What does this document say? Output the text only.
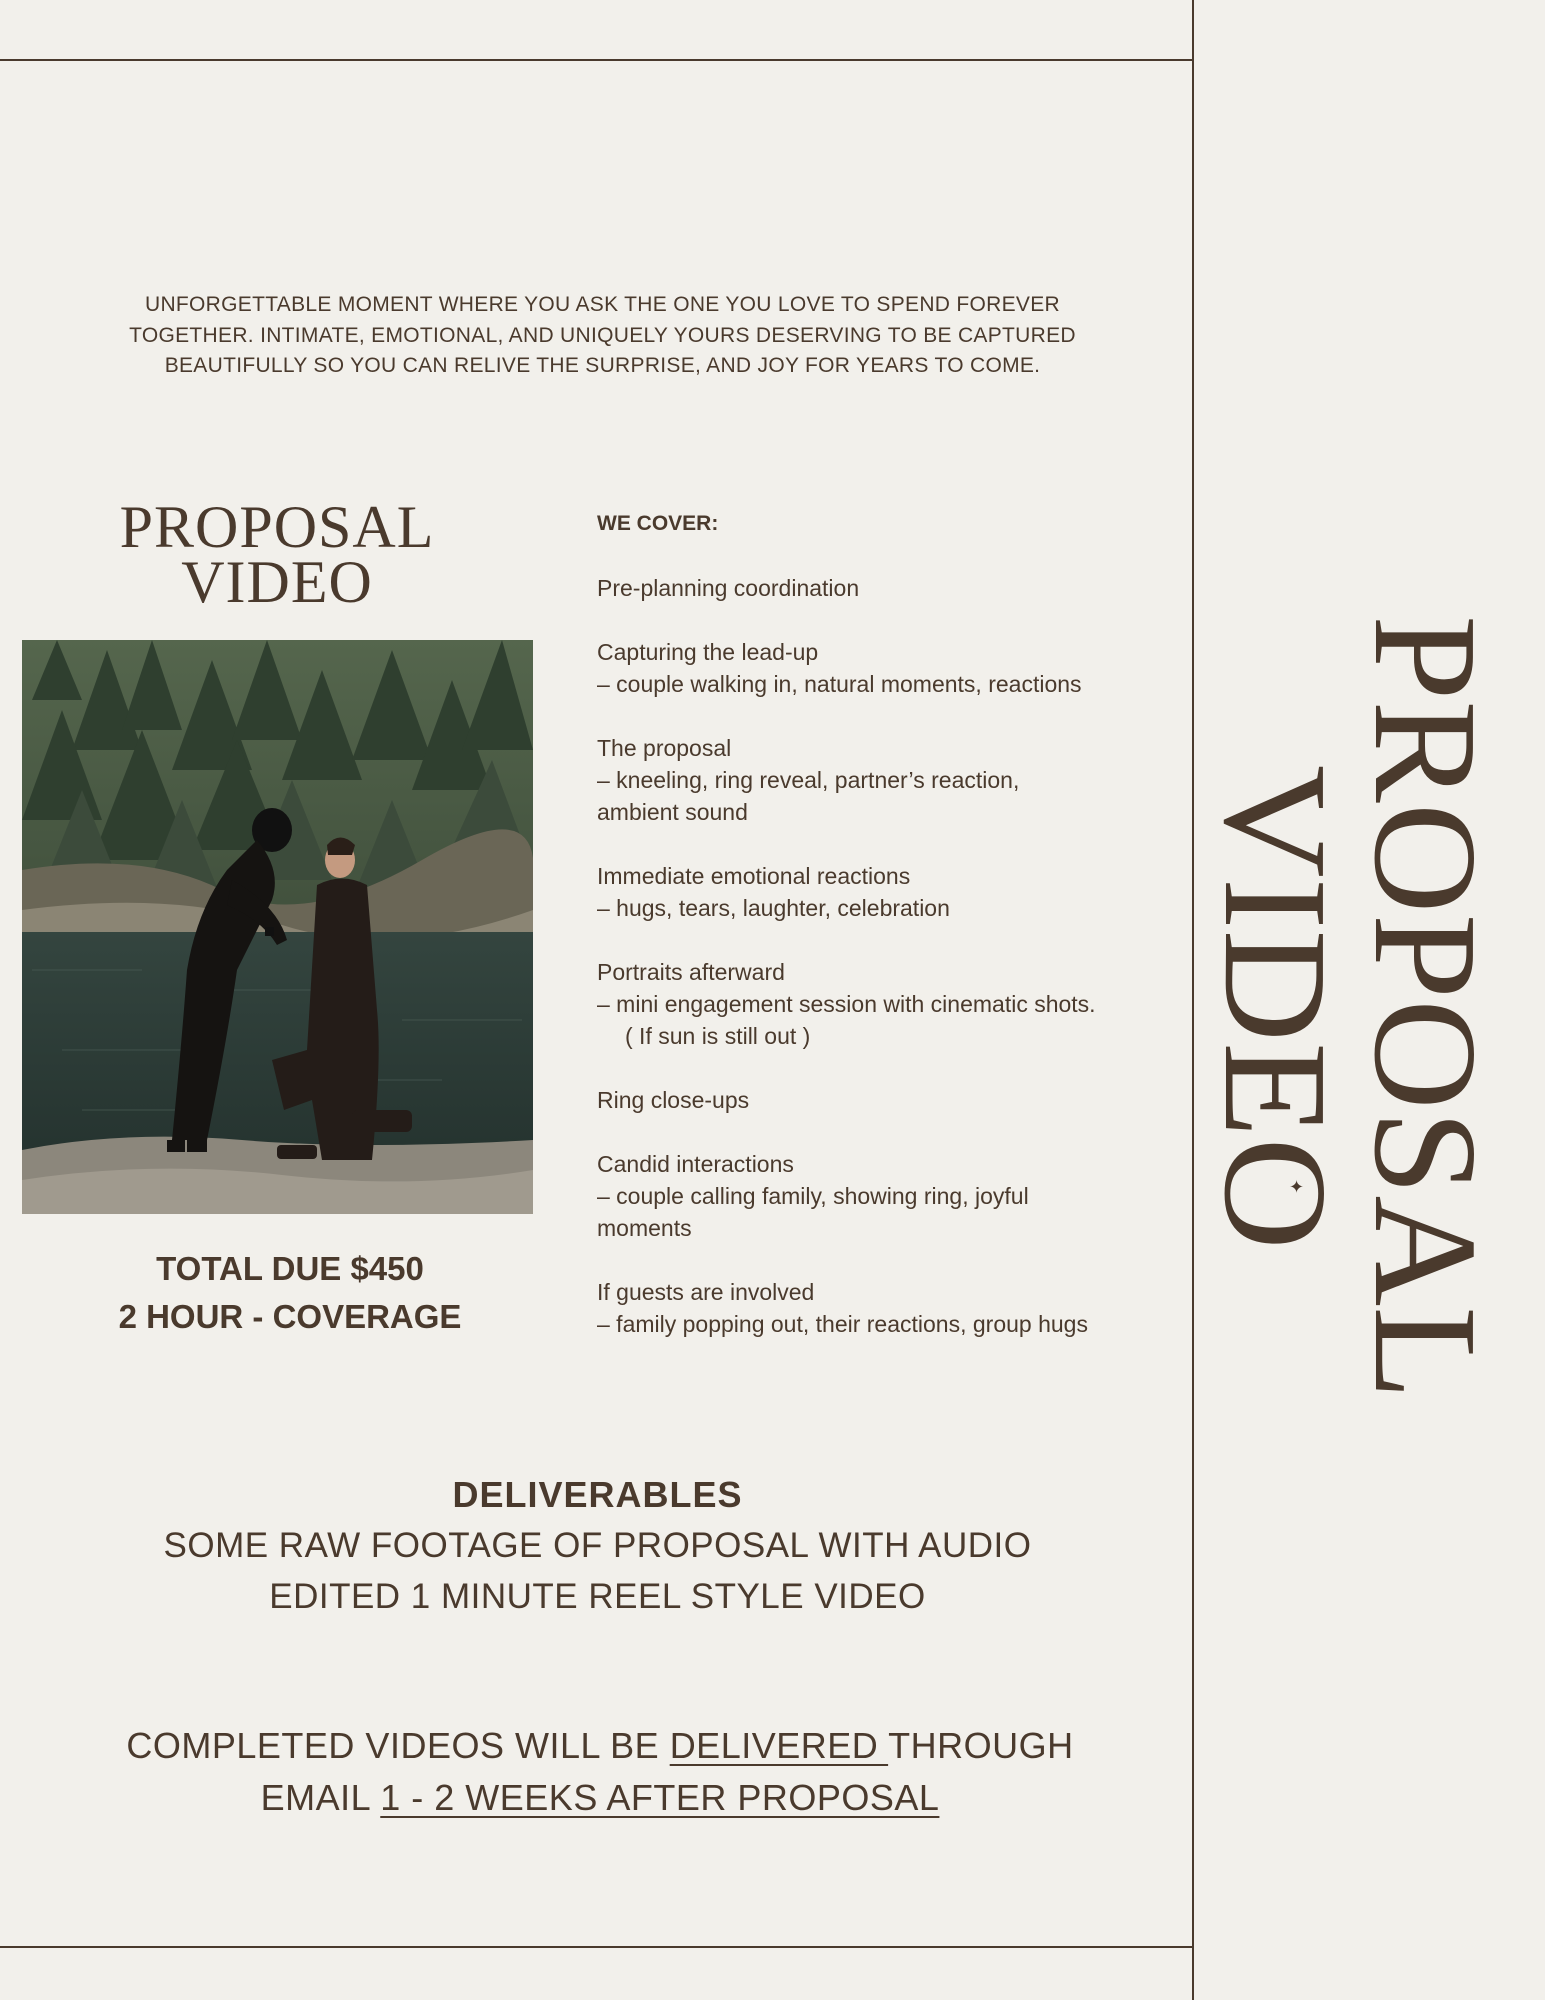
UNFORGETTABLE MOMENT WHERE YOU ASK THE ONE YOU LOVE TO SPEND FOREVER TOGETHER. INTIMATE, EMOTIONAL, AND UNIQUELY YOURS DESERVING TO BE CAPTURED BEAUTIFULLY SO YOU CAN RELIVE THE SURPRISE, AND JOY FOR YEARS TO COME.

PROPOSAL
VIDEO
TOTAL DUE $450
2 HOUR - COVERAGE
WE COVER:
Pre-planning coordination
Capturing the lead-up
– couple walking in, natural moments, reactions
The proposal
– kneeling, ring reveal, partner’s reaction, ambient sound
Immediate emotional reactions
– hugs, tears, laughter, celebration
Portraits afterward
– mini engagement session with cinematic shots.( If sun is still out )
Ring close-ups
Candid interactions
– couple calling family, showing ring, joyful moments
If guests are involved
– family popping out, their reactions, group hugs
DELIVERABLES
SOME RAW FOOTAGE OF PROPOSAL WITH AUDIO
EDITED 1 MINUTE REEL STYLE VIDEO
COMPLETED VIDEOS WILL BE DELIVERED THROUGH
EMAIL 1 - 2 WEEKS AFTER PROPOSAL
PROPOSAL
VIDEO
✦
